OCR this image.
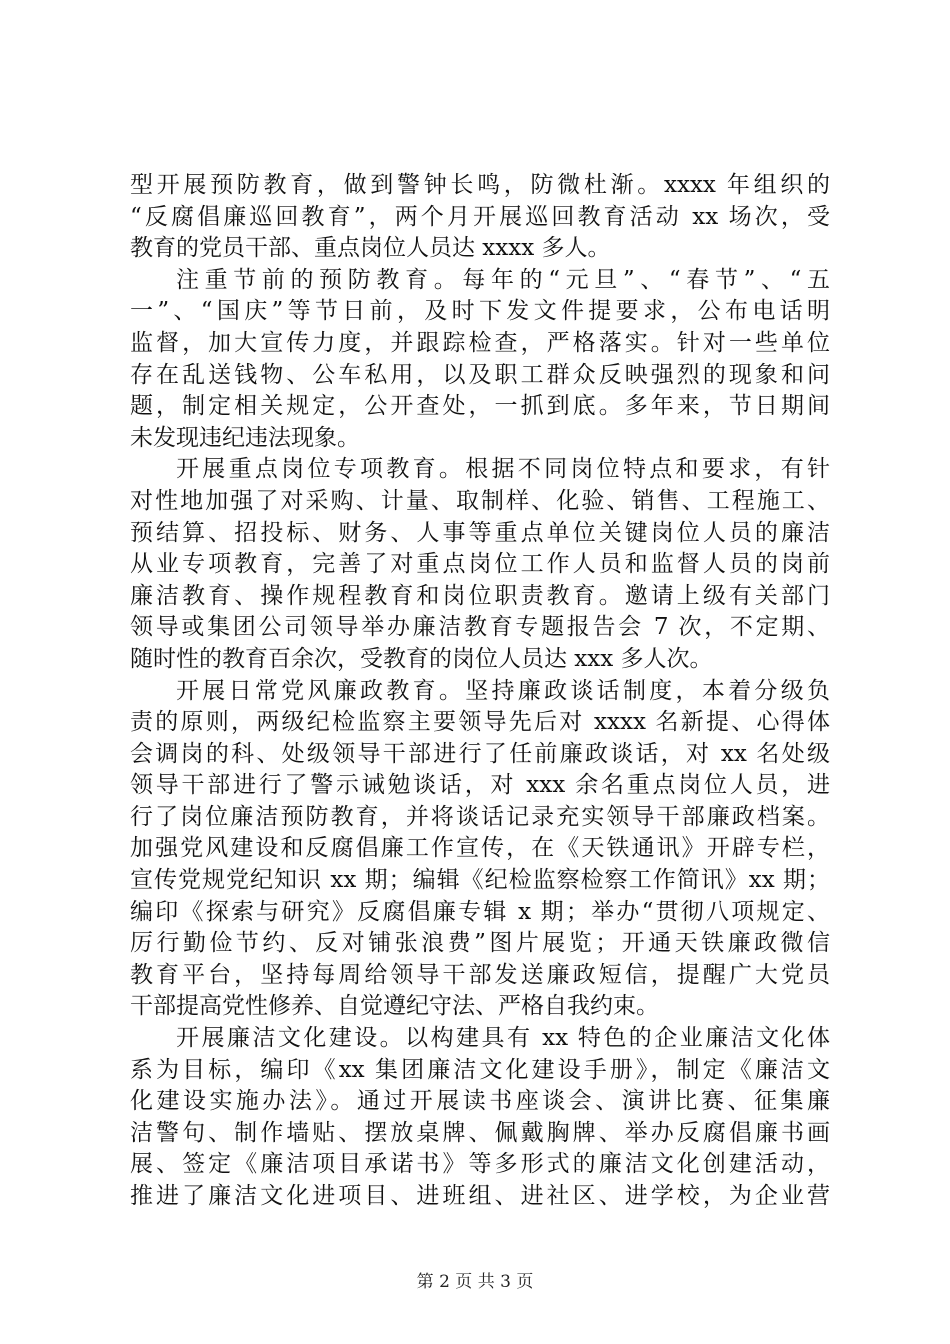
型开展预防教育，做到警钟长鸣，防微杜渐。xxxx 年组织的
“反腐倡廉巡回教育”，两个月开展巡回教育活动 xx 场次，受
教育的党员干部、重点岗位人员达 xxxx 多人。
注重节前的预防教育。每年的“元旦”、“春节”、“五
一”、“国庆”等节日前，及时下发文件提要求，公布电话明
监督，加大宣传力度，并跟踪检查，严格落实。针对一些单位
存在乱送钱物、公车私用，以及职工群众反映强烈的现象和问
题，制定相关规定，公开查处，一抓到底。多年来，节日期间
未发现违纪违法现象。
开展重点岗位专项教育。根据不同岗位特点和要求，有针
对性地加强了对采购、计量、取制样、化验、销售、工程施工、
预结算、招投标、财务、人事等重点单位关键岗位人员的廉洁
从业专项教育，完善了对重点岗位工作人员和监督人员的岗前
廉洁教育、操作规程教育和岗位职责教育。邀请上级有关部门
领导或集团公司领导举办廉洁教育专题报告会 7 次，不定期、
随时性的教育百余次，受教育的岗位人员达 xxx 多人次。
开展日常党风廉政教育。坚持廉政谈话制度，本着分级负
责的原则，两级纪检监察主要领导先后对 xxxx 名新提、心得体
会调岗的科、处级领导干部进行了任前廉政谈话，对 xx 名处级
领导干部进行了警示诫勉谈话，对 xxx 余名重点岗位人员，进
行了岗位廉洁预防教育，并将谈话记录充实领导干部廉政档案。
加强党风建设和反腐倡廉工作宣传，在《天铁通讯》开辟专栏，
宣传党规党纪知识 xx 期；编辑《纪检监察检察工作简讯》xx 期；
编印《探索与研究》反腐倡廉专辑 x 期；举办“贯彻八项规定、
厉行勤俭节约、反对铺张浪费”图片展览；开通天铁廉政微信
教育平台，坚持每周给领导干部发送廉政短信，提醒广大党员
干部提高党性修养、自觉遵纪守法、严格自我约束。
开展廉洁文化建设。以构建具有 xx 特色的企业廉洁文化体
系为目标，编印《xx 集团廉洁文化建设手册》，制定《廉洁文
化建设实施办法》。通过开展读书座谈会、演讲比赛、征集廉
洁警句、制作墙贴、摆放桌牌、佩戴胸牌、举办反腐倡廉书画
展、签定《廉洁项目承诺书》等多形式的廉洁文化创建活动，
推进了廉洁文化进项目、进班组、进社区、进学校，为企业营
第 2 页 共 3 页
